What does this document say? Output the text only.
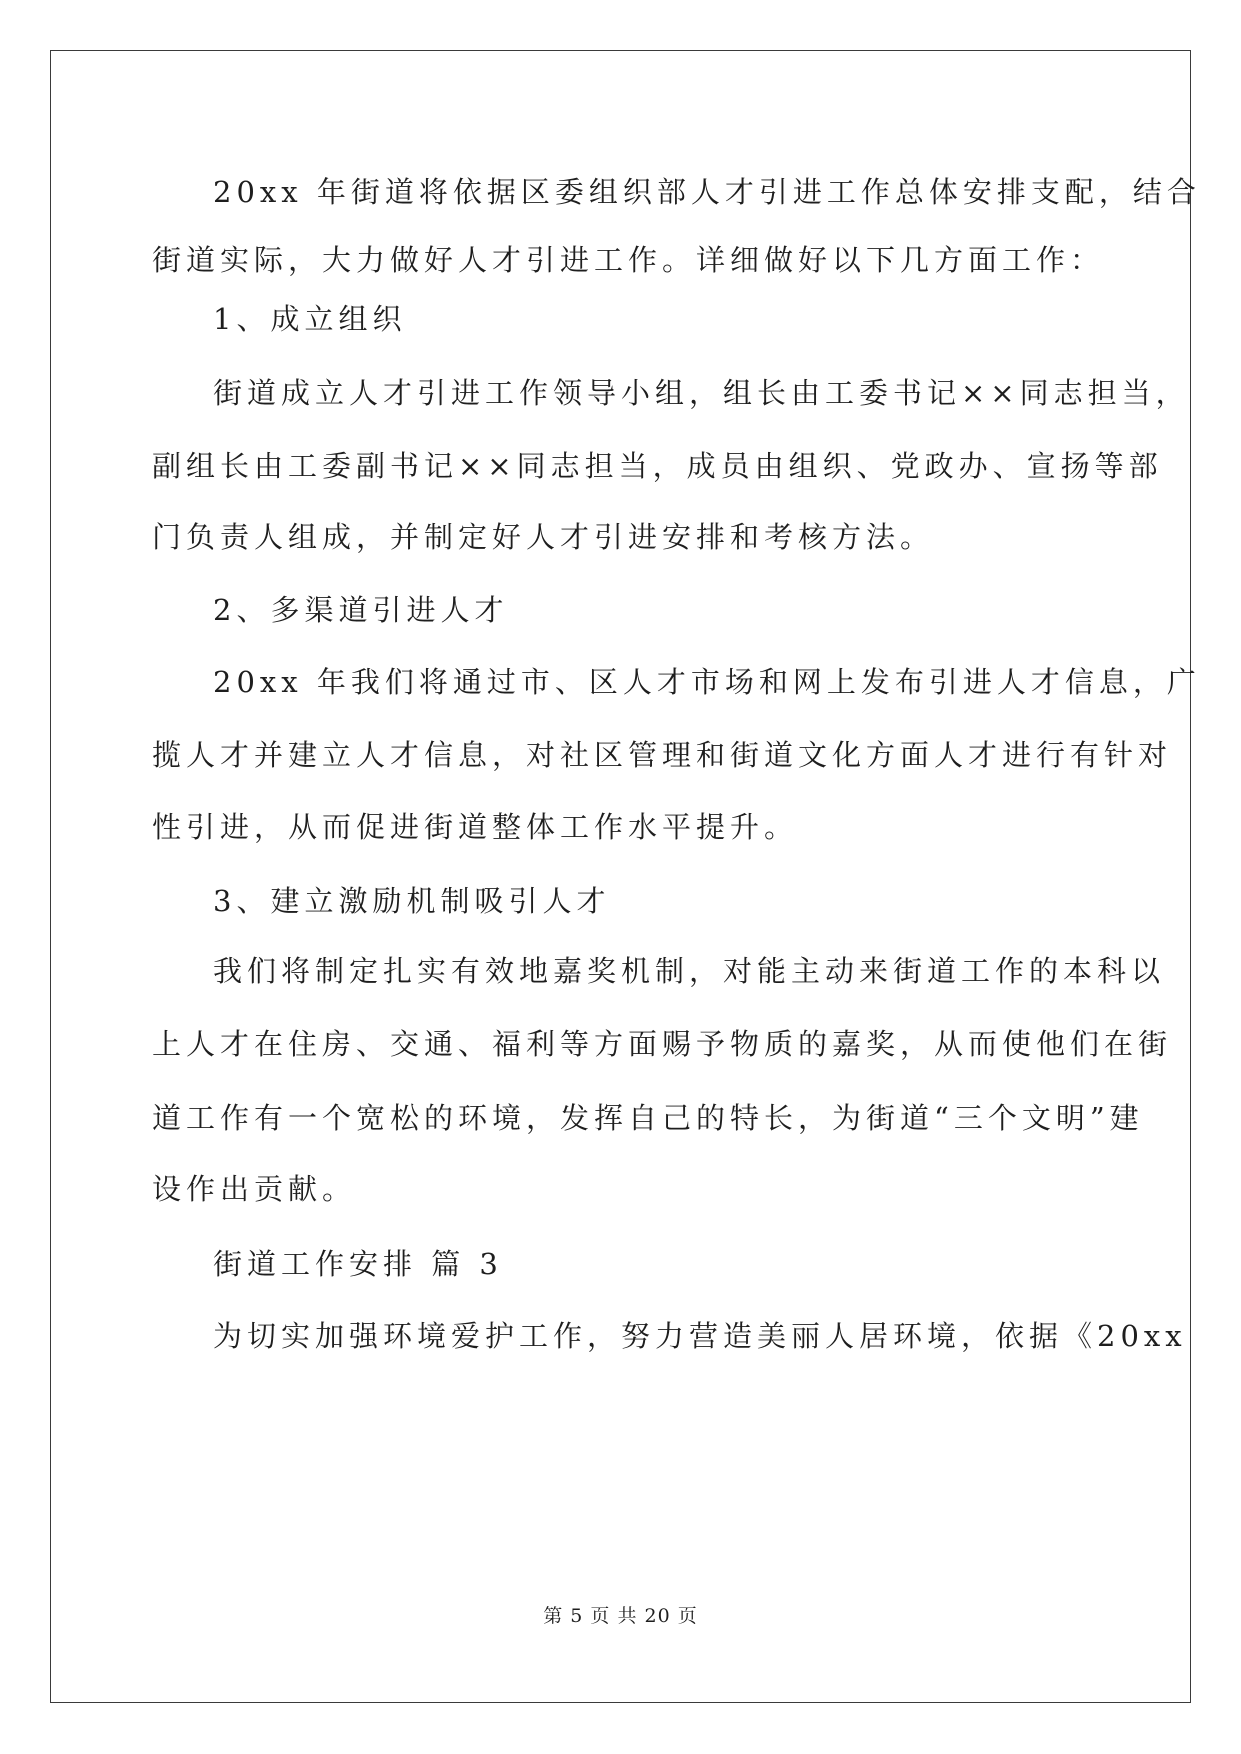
20xx 年街道将依据区委组织部人才引进工作总体安排支配，结合
街道实际，大力做好人才引进工作。详细做好以下几方面工作：
1、成立组织
街道成立人才引进工作领导小组，组长由工委书记××同志担当，
副组长由工委副书记××同志担当，成员由组织、党政办、宣扬等部
门负责人组成，并制定好人才引进安排和考核方法。
2、多渠道引进人才
20xx 年我们将通过市、区人才市场和网上发布引进人才信息，广
揽人才并建立人才信息，对社区管理和街道文化方面人才进行有针对
性引进，从而促进街道整体工作水平提升。
3、建立激励机制吸引人才
我们将制定扎实有效地嘉奖机制，对能主动来街道工作的本科以
上人才在住房、交通、福利等方面赐予物质的嘉奖，从而使他们在街
道工作有一个宽松的环境，发挥自己的特长，为街道“三个文明”建
设作出贡献。
街道工作安排 篇 3
为切实加强环境爱护工作，努力营造美丽人居环境，依据《20xx
第 5 页 共 20 页
